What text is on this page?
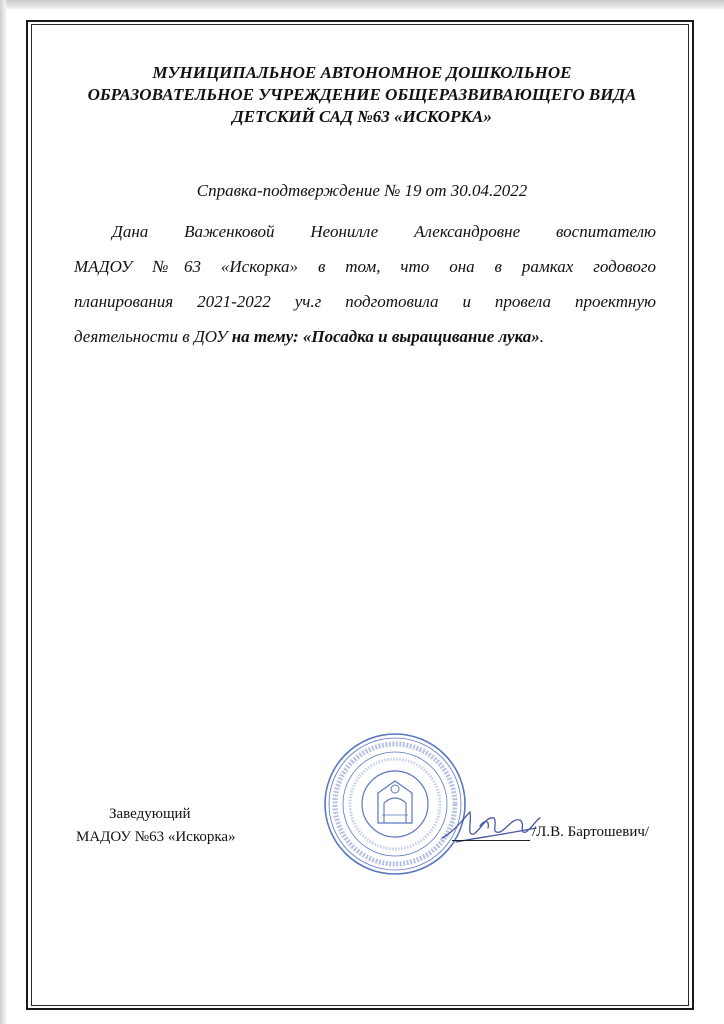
МУНИЦИПАЛЬНОЕ АВТОНОМНОЕ ДОШКОЛЬНОЕ
ОБРАЗОВАТЕЛЬНОЕ УЧРЕЖДЕНИЕ ОБЩЕРАЗВИВАЮЩЕГО ВИДА
ДЕТСКИЙ САД №63 «ИСКОРКА»
Справка-подтверждение № 19 от 30.04.2022
Дана Важенковой Неонилле Александровне воспитателю
МАДОУ №63 «Искорка» в том, что она в рамках годового
планирования 2021-2022 уч.г подготовила и провела проектную
деятельности в ДОУ на тему: «Посадка и выращивание лука».
Заведующий
МАДОУ №63 «Искорка»	/Л.В. Бартошевич/
